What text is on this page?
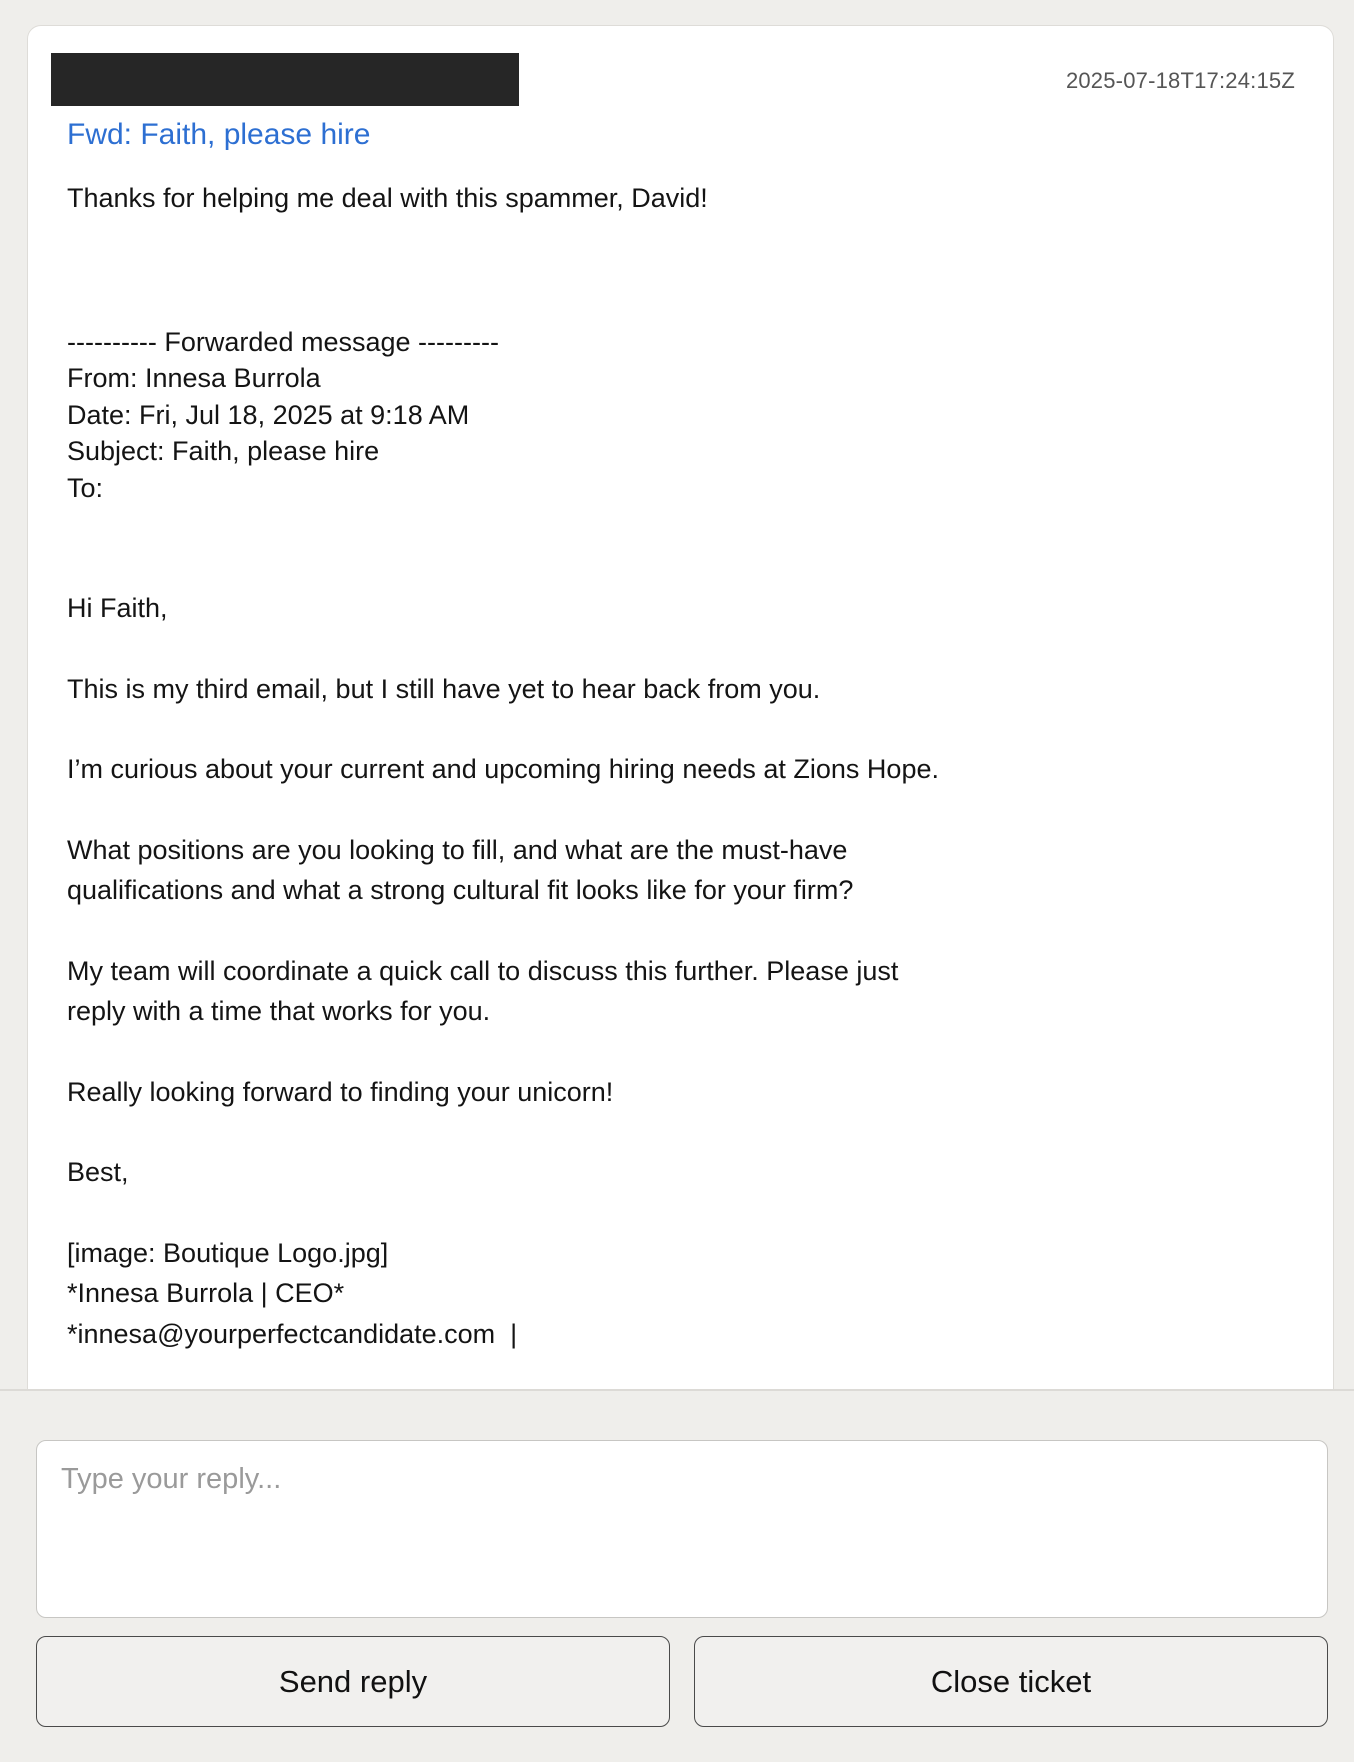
2025-07-18T17:24:15Z
Fwd: Faith, please hire
Thanks for helping me deal with this spammer, David!
---------- Forwarded message ---------
From: Innesa Burrola
Date: Fri, Jul 18, 2025 at 9:18 AM
Subject: Faith, please hire
To:
Hi Faith,
This is my third email, but I still have yet to hear back from you.
I’m curious about your current and upcoming hiring needs at Zions Hope.
What positions are you looking to fill, and what are the must-have
qualifications and what a strong cultural fit looks like for your firm?
My team will coordinate a quick call to discuss this further. Please just
reply with a time that works for you.
Really looking forward to finding your unicorn!
Best,
[image: Boutique Logo.jpg]
*Innesa Burrola | CEO*
*innesa@yourperfectcandidate.com  |
Type your reply...
Send reply	Close ticket
